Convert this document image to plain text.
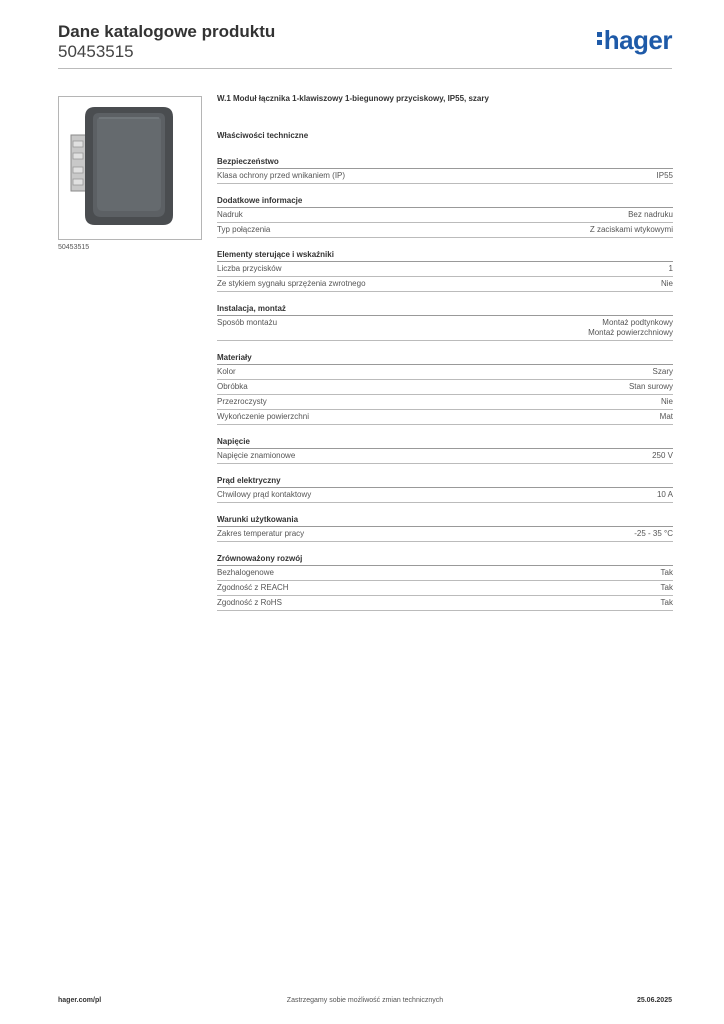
Dane katalogowe produktu
50453515	hager
50453515
W.1 Moduł łącznika 1-klawiszowy 1-biegunowy przyciskowy, IP55, szary
Właściwości techniczne
Bezpieczeństwo
Klasa ochrony przed wnikaniem (IP)	IP55
Dodatkowe informacje
Nadruk	Bez nadruku
Typ połączenia	Z zaciskami wtykowymi
Elementy sterujące i wskaźniki
Liczba przycisków	1
Ze stykiem sygnału sprzężenia zwrotnego	Nie
Instalacja, montaż
Sposób montażu	Montaż podtynkowy
Montaż powierzchniowy
Materiały
Kolor	Szary
Obróbka	Stan surowy
Przezroczysty	Nie
Wykończenie powierzchni	Mat
Napięcie
Napięcie znamionowe	250 V
Prąd elektryczny
Chwilowy prąd kontaktowy	10 A
Warunki użytkowania
Zakres temperatur pracy	-25 - 35 °C
Zrównoważony rozwój
Bezhalogenowe	Tak
Zgodność z REACH	Tak
Zgodność z RoHS	Tak
hager.com/pl	Zastrzegamy sobie możliwość zmian technicznych	25.06.2025
